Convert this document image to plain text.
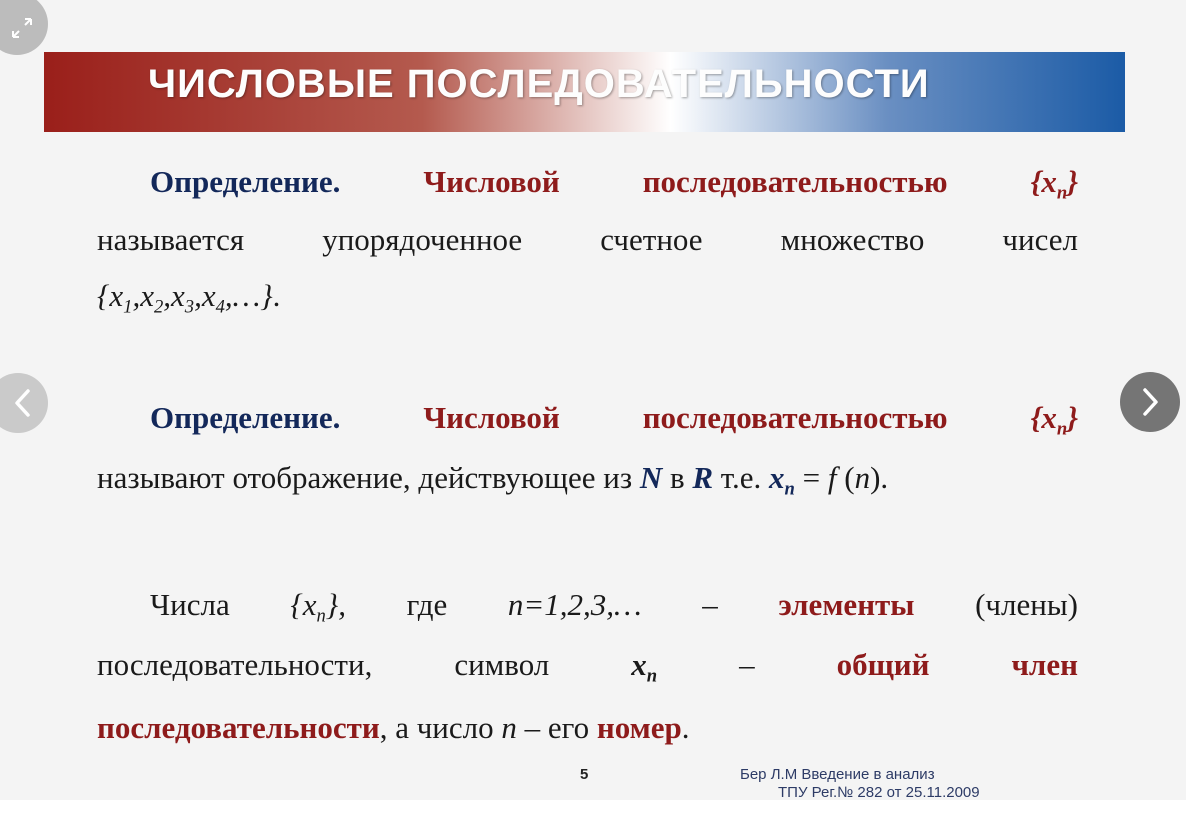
ЧИСЛОВЫЕ ПОСЛЕДОВАТЕЛЬНОСТИ
Определение.	Числовой	последовательностью	$\{x_n\}$
называется	упорядоченное	счетное	множество	чисел
$\{x_1,x_2,x_3,x_4,\dots\}$ .
Определение.	Числовой	последовательностью	$\{x_n\}$
называют отображение, действующее из
N
в
R
т.е.
$x_n = f$ ( n ) .
Числа $\{x_n\}$, где n=1,2,3,… – элементы (члены)
последовательности,	символ	$x_n$	–	общий	член
последовательности , а число
n
– его
номер .
5	Бер Л.М Введение в анализ
ТПУ Рег.№ 282 от 25.11.2009
